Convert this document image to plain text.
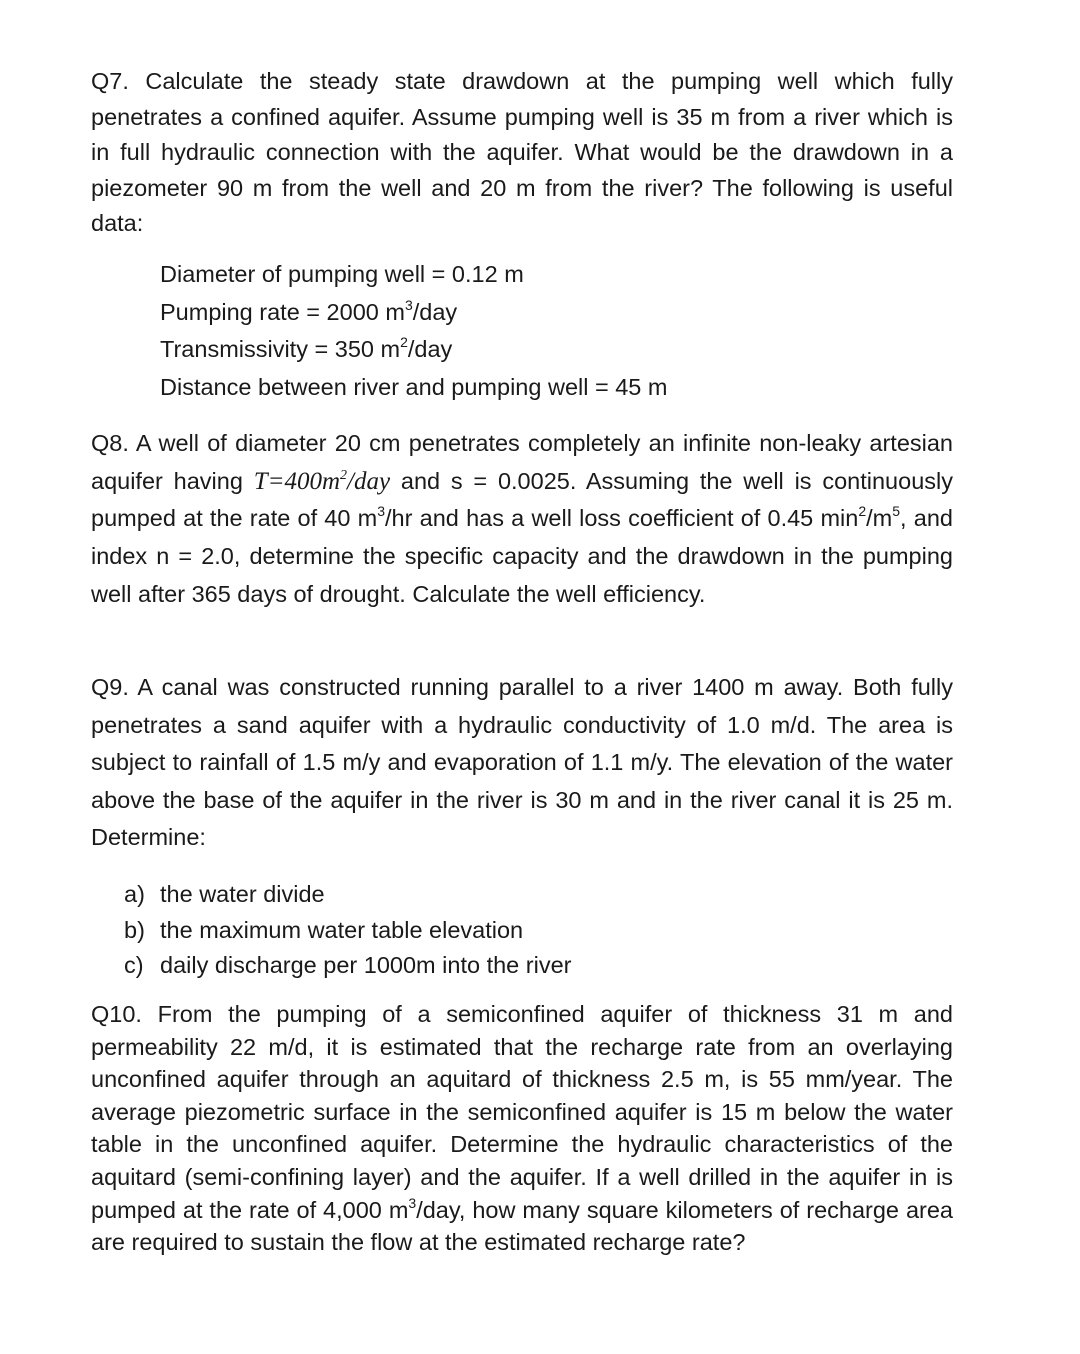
Q7. Calculate the steady state drawdown at the pumping well which fully penetrates a confined aquifer. Assume pumping well is 35 m from a river which is in full hydraulic connection with the aquifer. What would be the drawdown in a piezometer 90 m from the well and 20 m from the river? The following is useful data:

Diameter of pumping well = 0.12 m
Pumping rate = 2000 $m^3$/day
Transmissivity = 350 $m^2$/day
Distance between river and pumping well = 45 m

Q8. A well of diameter 20 cm penetrates completely an infinite non-leaky artesian aquifer having $T=400m^2$/day and s = 0.0025. Assuming the well is continuously pumped at the rate of 40 $m^3/hr$ and has a well loss coefficient of 0.45 $\min^2/m^5$, and index n = 2.0, determine the specific capacity and the drawdown in the pumping well after 365 days of drought. Calculate the well efficiency.

Q9. A canal was constructed running parallel to a river 1400 m away. Both fully penetrates a sand aquifer with a hydraulic conductivity of 1.0 m/d. The area is subject to rainfall of 1.5 m/y and evaporation of 1.1 m/y. The elevation of the water above the base of the aquifer in the river is 30 m and in the river canal it is 25 m. Determine:

a) the water divide
b) the maximum water table elevation
c) daily discharge per 1000m into the river

Q10. From the pumping of a semiconfined aquifer of thickness 31 m and permeability 22 m/d, it is estimated that the recharge rate from an overlaying unconfined aquifer through an aquitard of thickness 2.5 m, is 55 mm/year. The average piezometric surface in the semiconfined aquifer is 15 m below the water table in the unconfined aquifer. Determine the hydraulic characteristics of the aquitard (semi-confining layer) and the aquifer. If a well drilled in the aquifer in is pumped at the rate of 4,000 $m^3$/day, how many square kilometers of recharge area are required to sustain the flow at the estimated recharge rate?
